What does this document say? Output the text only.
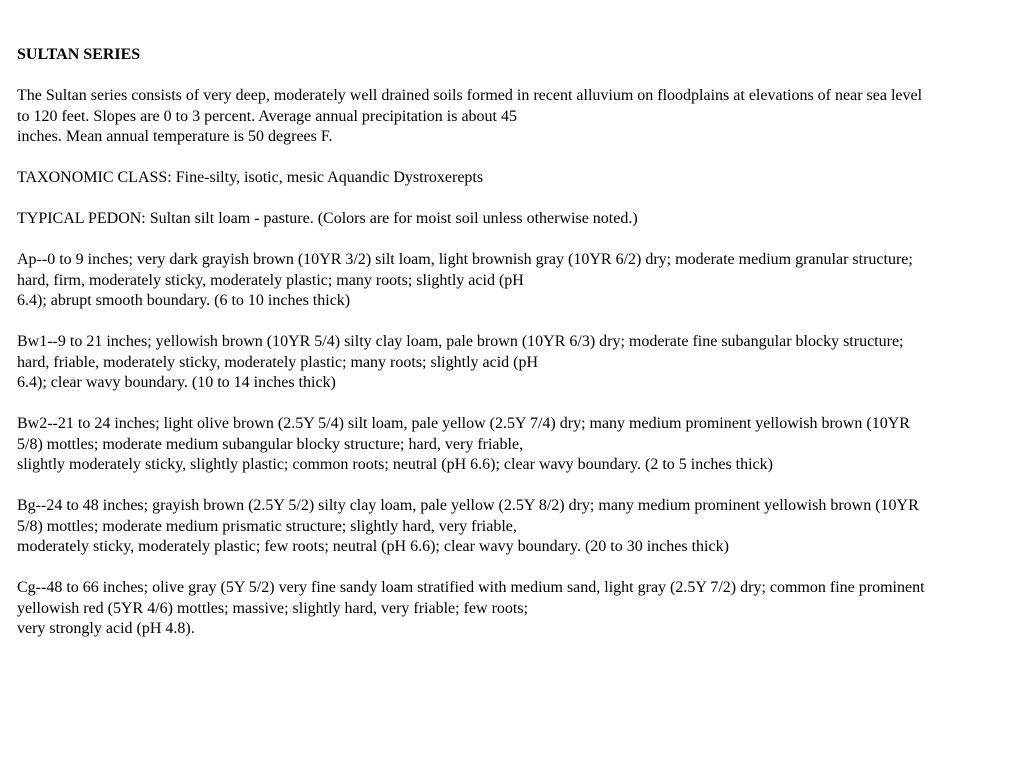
SULTAN SERIES
The Sultan series consists of very deep, moderately well drained soils formed in recent alluvium on floodplains at elevations of near sea level
to 120 feet. Slopes are 0 to 3 percent. Average annual precipitation is about 45
inches. Mean annual temperature is 50 degrees F.
TAXONOMIC CLASS: Fine-silty, isotic, mesic Aquandic Dystroxerepts
TYPICAL PEDON: Sultan silt loam - pasture. (Colors are for moist soil unless otherwise noted.)
Ap--0 to 9 inches; very dark grayish brown (10YR 3/2) silt loam, light brownish gray (10YR 6/2) dry; moderate medium granular structure;
hard, firm, moderately sticky, moderately plastic; many roots; slightly acid (pH
6.4); abrupt smooth boundary. (6 to 10 inches thick)
Bw1--9 to 21 inches; yellowish brown (10YR 5/4) silty clay loam, pale brown (10YR 6/3) dry; moderate fine subangular blocky structure;
hard, friable, moderately sticky, moderately plastic; many roots; slightly acid (pH
6.4); clear wavy boundary. (10 to 14 inches thick)
Bw2--21 to 24 inches; light olive brown (2.5Y 5/4) silt loam, pale yellow (2.5Y 7/4) dry; many medium prominent yellowish brown (10YR
5/8) mottles; moderate medium subangular blocky structure; hard, very friable,
slightly moderately sticky, slightly plastic; common roots; neutral (pH 6.6); clear wavy boundary. (2 to 5 inches thick)
Bg--24 to 48 inches; grayish brown (2.5Y 5/2) silty clay loam, pale yellow (2.5Y 8/2) dry; many medium prominent yellowish brown (10YR
5/8) mottles; moderate medium prismatic structure; slightly hard, very friable,
moderately sticky, moderately plastic; few roots; neutral (pH 6.6); clear wavy boundary. (20 to 30 inches thick)
Cg--48 to 66 inches; olive gray (5Y 5/2) very fine sandy loam stratified with medium sand, light gray (2.5Y 7/2) dry; common fine prominent
yellowish red (5YR 4/6) mottles; massive; slightly hard, very friable; few roots;
very strongly acid (pH 4.8).
